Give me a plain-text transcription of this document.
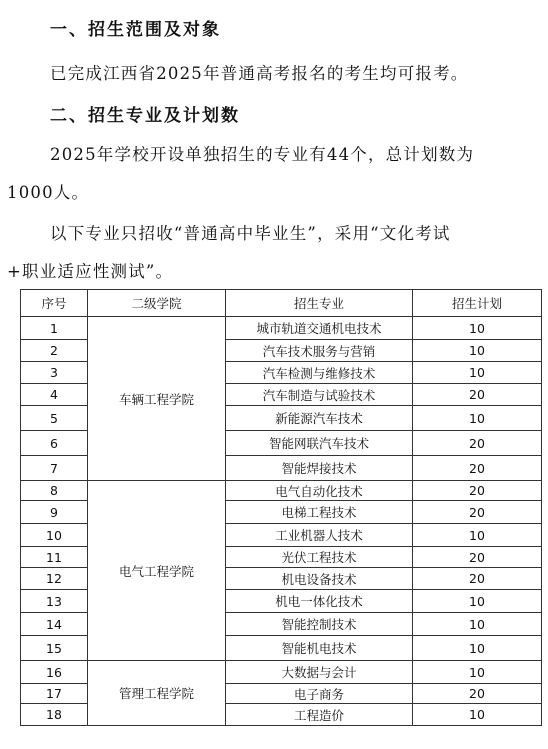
一、招生范围及对象
已完成江西省2025年普通高考报名的考生均可报考。
二、招生专业及计划数
2025年学校开设单独招生的专业有44个，总计划数为
1000人。
以下专业只招收“普通高中毕业生”，采用“文化考试
+职业适应性测试”。
序号	二级学院	招生专业	招生计划
1	车辆工程学院	城市轨道交通机电技术	10
2		汽车技术服务与营销	10
3		汽车检测与维修技术	10
4		汽车制造与试验技术	20
5		新能源汽车技术	10
6		智能网联汽车技术	20
7		智能焊接技术	20
8	电气工程学院	电气自动化技术	20
9		电梯工程技术	20
10		工业机器人技术	10
11		光伏工程技术	20
12		机电设备技术	20
13		机电一体化技术	10
14		智能控制技术	10
15		智能机电技术	10
16	管理工程学院	大数据与会计	10
17		电子商务	20
18		工程造价	10
